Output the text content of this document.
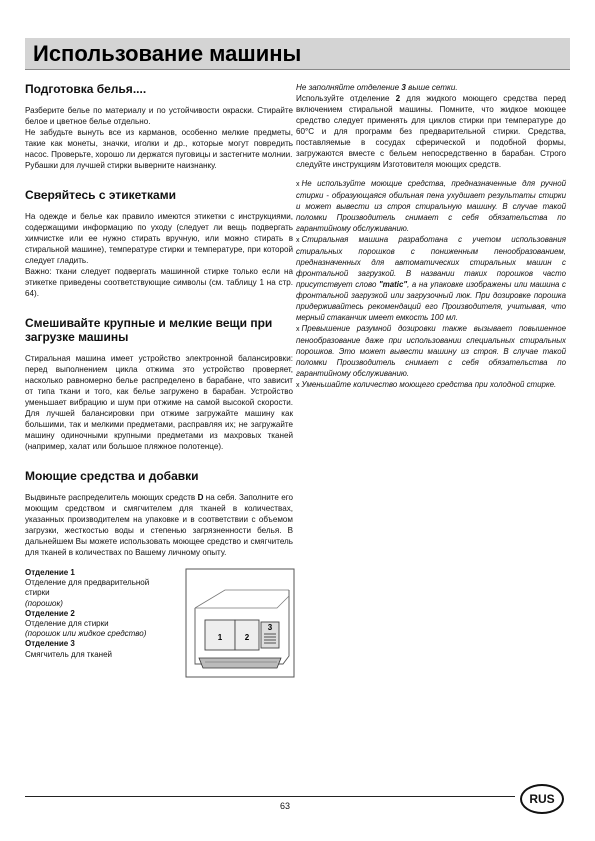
Использование машины
Подготовка белья....

Разберите белье по материалу и по устойчивости окраски. Стирайте белое и цветное белье отдельно.

Не забудьте вынуть все из карманов, особенно мелкие предметы, такие как монеты, значки, иголки и др., которые могут повредить насос. Проверьте, хорошо ли держатся пуговицы и застегните молнии.

Рубашки для лучшей стирки выверните наизнанку.

Сверяйтесь с этикетками

На одежде и белье как правило имеются этикетки с инструкциями, содержащими информацию по уходу (следует ли вещь подвергать химчистке или ее нужно стирать вручную, или можно стирать в стиральной машине), температуре стирки и температуре, при которой следует гладить.

Важно: ткани следует подвергать машинной стирке только если на этикетке приведены соответствующие символы (см. таблицу 1 на стр. 64).

Смешивайте крупные и мелкие вещи при загрузке машины

Стиральная машина имеет устройство электронной балансировки: перед выполнением цикла отжима это устройство проверяет, насколько равномерно белье распределено в барабане, что зависит от типа ткани и того, как белье загружено в барабан. Устройство уменьшает вибрацию и шум при отжиме на самой высокой скорости. Для лучшей балансировки при отжиме загружайте машину как большими, так и мелкими предметами, расправляя их; не загружайте машину одиночными крупными предметами из махровых тканей (например, халат или большое пляжное полотенце).

Моющие средства и добавки

Выдвиньте распределитель моющих средств D на себя. Заполните его моющим средством и смягчителем для тканей в количествах, указанных производителем на упаковке и в соответствии с объемом загрузки, жесткостью воды и степенью загрязненности белья. В дальнейшем Вы можете использовать моющее средство и смягчитель для тканей в количествах по Вашему личному опыту.

Отделение 1
Отделение для предварительной стирки
(порошок)
Отделение 2
Отделение для стирки
(порошок или жидкое средство)
Отделение 3
Смягчитель для тканей
1	2
3

Не заполняйте отделение 3 выше сетки.

Используйте отделение 2 для жидкого моющего средства перед включением стиральной машины. Помните, что жидкое моющее средство следует применять для циклов стирки при температуре до 60°С и для программ без предварительной стирки. Средства, поставляемые в сосудах сферической и подобной формы, загружаются вместе с бельем непосредственно в барабан. Строго следуйте инструкциям Изготовителя моющих средств.

x Не используйте моющие средства, предназначенные для ручной стирки - образующаяся обильная пена ухудшает результаты стирки и может вывести из строя стиральную машину. В случае такой поломки Производитель снимает с себя обязательства по гарантийному обслуживанию.

x Стиральная машина разработана с учетом использования стиральных порошков с пониженным пенообразованием, предназначенных для автоматических стиральных машин с фронтальной загрузкой. В названии таких порошков часто присутствует слово "matic", а на упаковке изображены или машина с фронтальной загрузкой или загрузочный люк. При дозировке порошка придерживайтесь рекомендаций его Производителя, учитывая, что мерный стаканчик имеет емкость 100 мл.

x Превышение разумной дозировки также вызывает повышенное пенообразование даже при использовании специальных стиральных порошков. Это может вывести машину из строя. В случае такой поломки Производитель снимает с себя обязательства по гарантийному обслуживанию.

x Уменьшайте количество моющего средства при холодной стирке.

63	RUS
